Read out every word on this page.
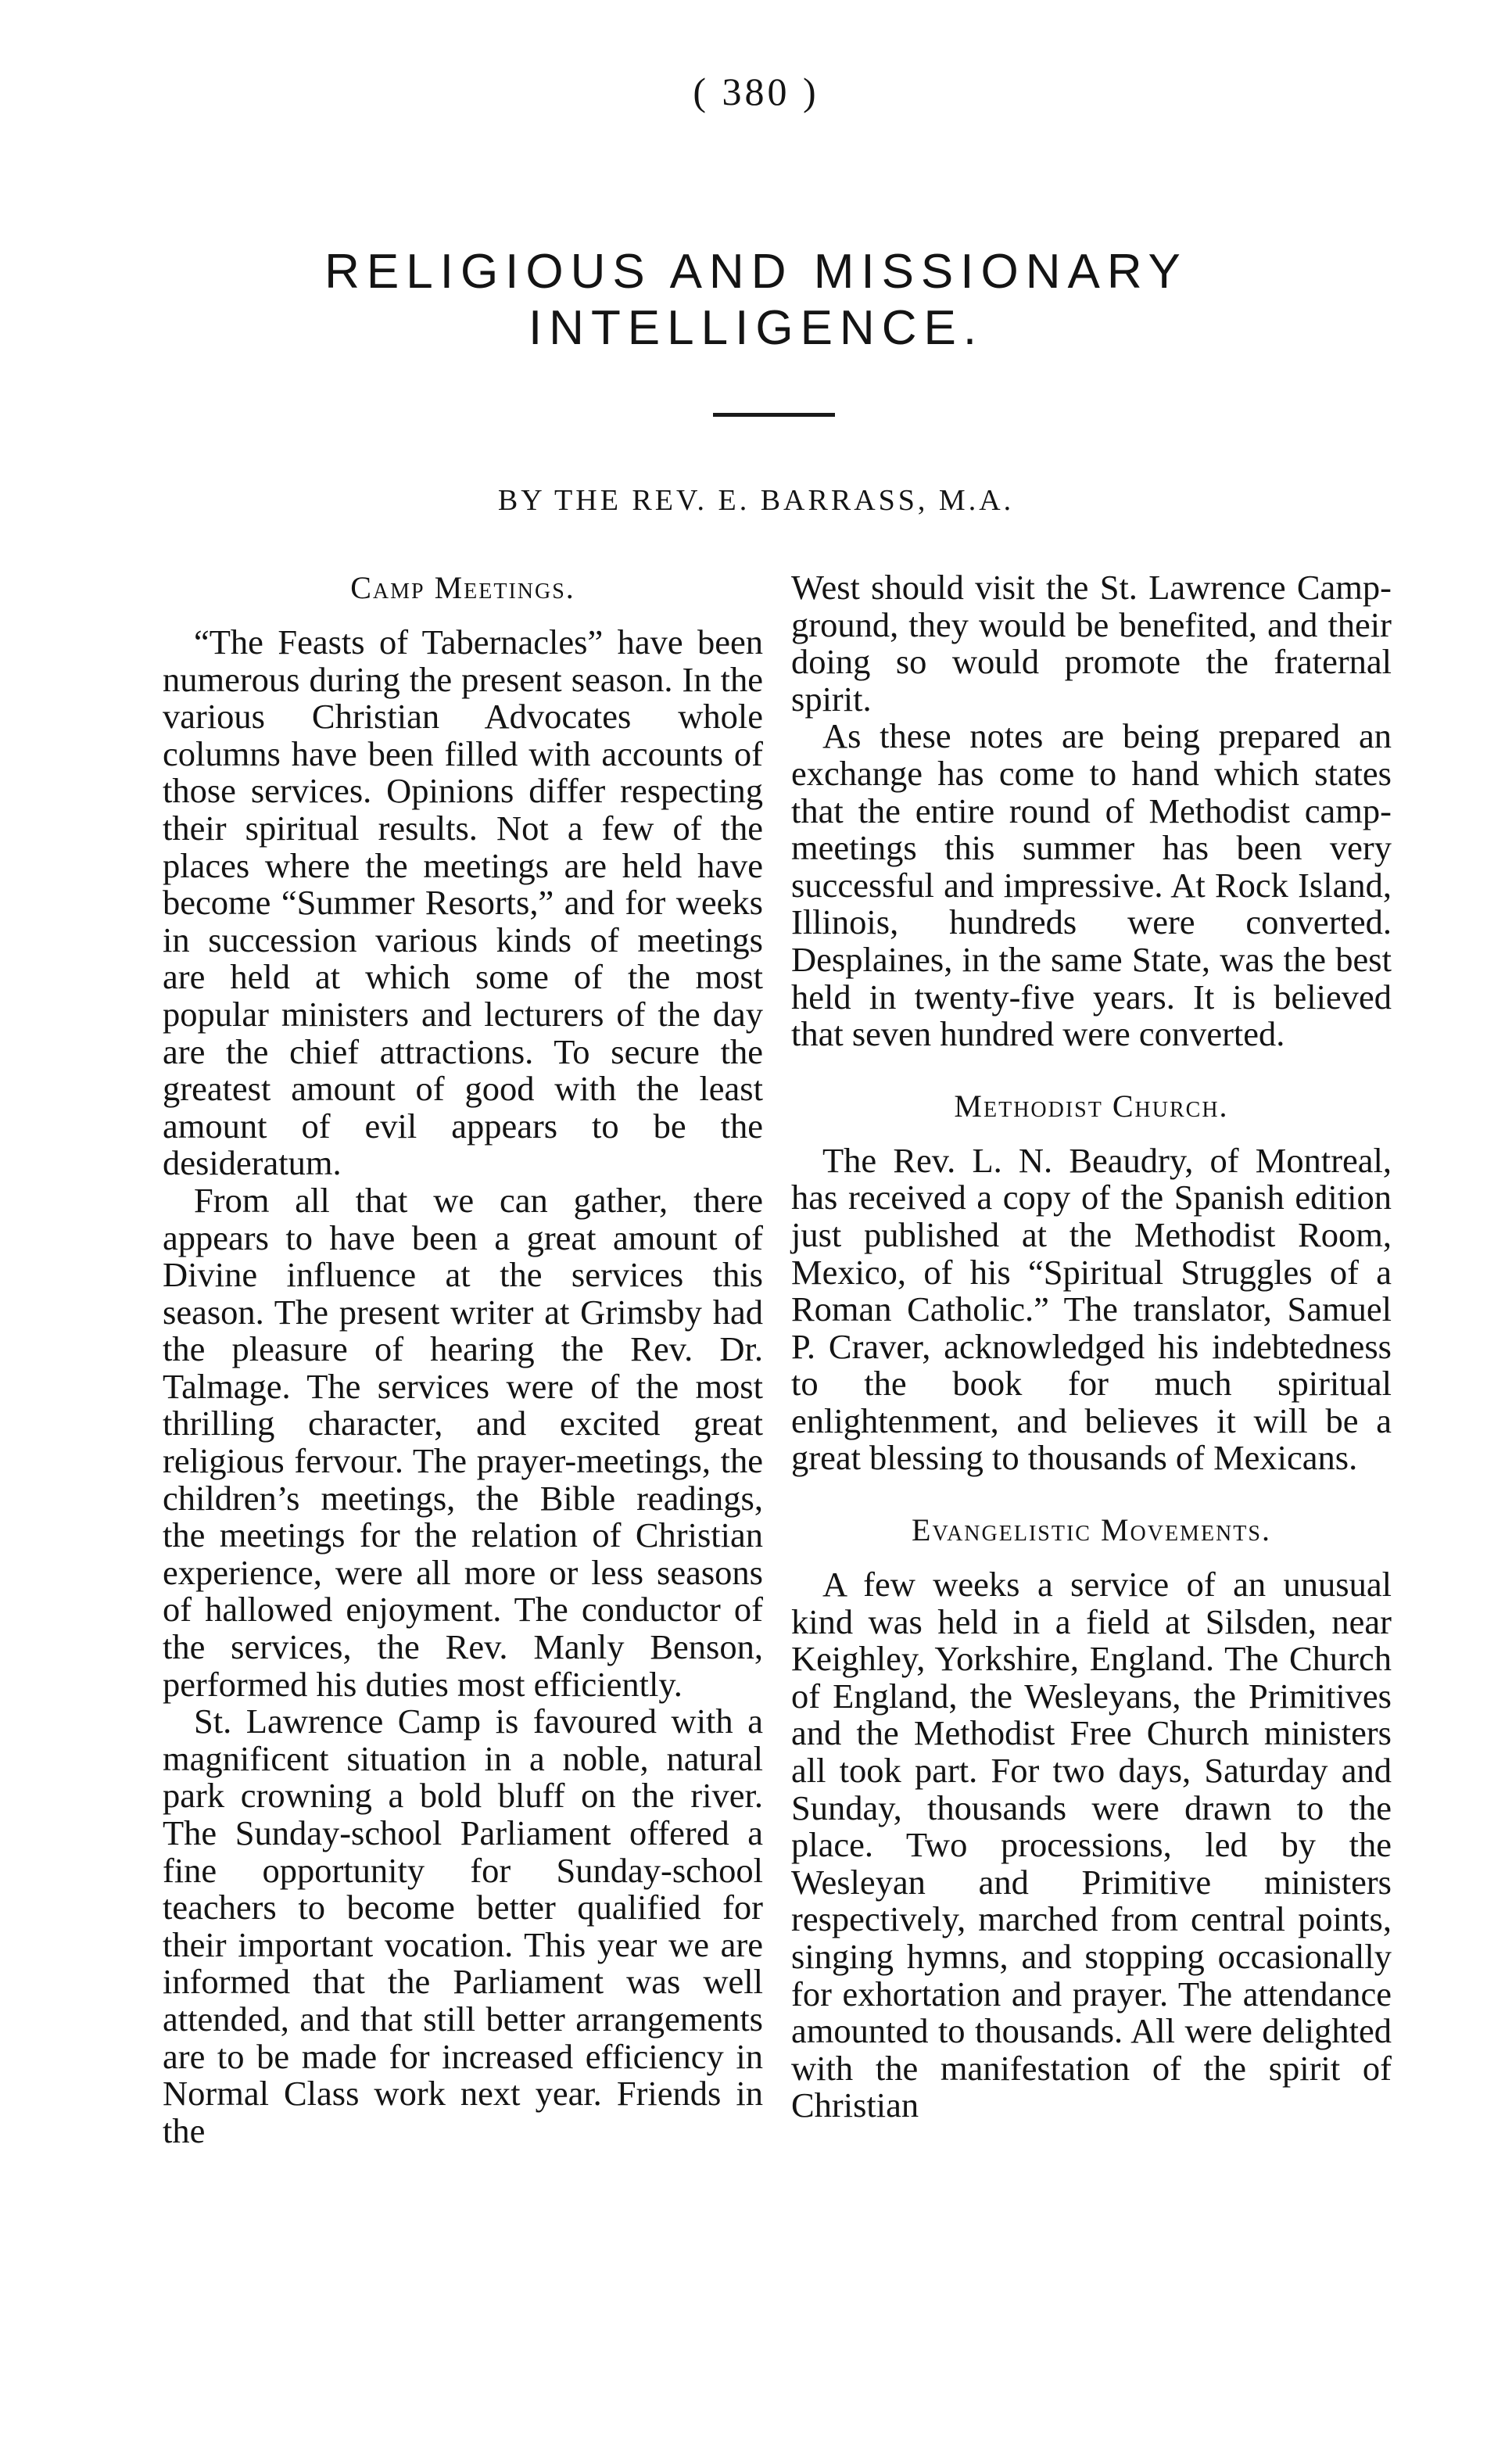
( 380 )
RELIGIOUS AND MISSIONARY
INTELLIGENCE.
BY THE REV. E. BARRASS, M.A.
Camp Meetings.

“The Feasts of Tabernacles” have been numerous during the present season. In the various Christian Advocates whole columns have been filled with accounts of those services. Opinions differ respecting their spiritual results. Not a few of the places where the meetings are held have become “Summer Resorts,” and for weeks in succession various kinds of meetings are held at which some of the most popular ministers and lecturers of the day are the chief attractions. To secure the greatest amount of good with the least amount of evil appears to be the desideratum.

From all that we can gather, there appears to have been a great amount of Divine influence at the services this season. The present writer at Grimsby had the pleasure of hearing the Rev. Dr. Talmage. The services were of the most thrilling character, and excited great religious fervour. The prayer-meetings, the children’s meetings, the Bible readings, the meetings for the relation of Christian experience, were all more or less seasons of hallowed enjoyment. The conductor of the services, the Rev. Manly Benson, performed his duties most efficiently.

St. Lawrence Camp is favoured with a magnificent situation in a noble, natural park crowning a bold bluff on the river. The Sunday-school Parliament offered a fine opportunity for Sunday-school teachers to become better qualified for their important vocation. This year we are informed that the Parliament was well attended, and that still better arrangements are to be made for increased efficiency in Normal Class work next year. Friends in the

West should visit the St. Lawrence Camp-ground, they would be benefited, and their doing so would promote the fraternal spirit.

As these notes are being prepared an exchange has come to hand which states that the entire round of Methodist camp-meetings this summer has been very successful and impressive. At Rock Island, Illinois, hundreds were converted. Desplaines, in the same State, was the best held in twenty-five years. It is believed that seven hundred were converted.

Methodist Church.

The Rev. L. N. Beaudry, of Montreal, has received a copy of the Spanish edition just published at the Methodist Room, Mexico, of his “Spiritual Struggles of a Roman Catholic.” The translator, Samuel P. Craver, acknowledged his indebtedness to the book for much spiritual enlightenment, and believes it will be a great blessing to thousands of Mexicans.

Evangelistic Movements.

A few weeks a service of an unusual kind was held in a field at Silsden, near Keighley, Yorkshire, England. The Church of England, the Wesleyans, the Primitives and the Methodist Free Church ministers all took part. For two days, Saturday and Sunday, thousands were drawn to the place. Two processions, led by the Wesleyan and Primitive ministers respectively, marched from central points, singing hymns, and stopping occasionally for exhortation and prayer. The attendance amounted to thousands. All were delighted with the manifestation of the spirit of Christian
